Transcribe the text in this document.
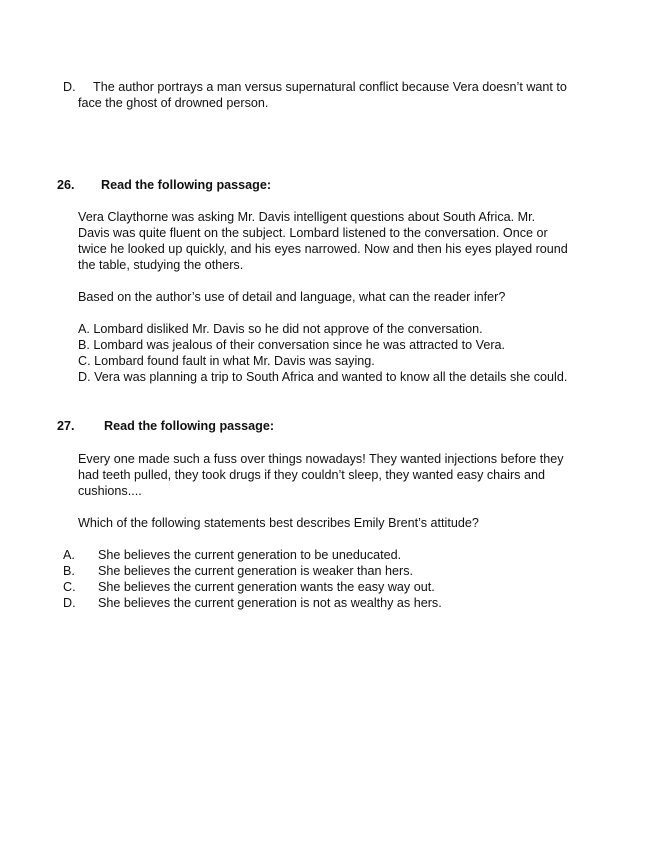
D. The author portrays a man versus supernatural conflict because Vera doesn’t want to
face the ghost of drowned person.
26. Read the following passage:
Vera Claythorne was asking Mr. Davis intelligent questions about South Africa. Mr.
Davis was quite fluent on the subject. Lombard listened to the conversation. Once or
twice he looked up quickly, and his eyes narrowed. Now and then his eyes played round
the table, studying the others.
Based on the author’s use of detail and language, what can the reader infer?
A. Lombard disliked Mr. Davis so he did not approve of the conversation.
B. Lombard was jealous of their conversation since he was attracted to Vera.
C. Lombard found fault in what Mr. Davis was saying.
D. Vera was planning a trip to South Africa and wanted to know all the details she could.
27. Read the following passage:
Every one made such a fuss over things nowadays! They wanted injections before they
had teeth pulled, they took drugs if they couldn’t sleep, they wanted easy chairs and
cushions....
Which of the following statements best describes Emily Brent’s attitude?
A. She believes the current generation to be uneducated.
B. She believes the current generation is weaker than hers.
C. She believes the current generation wants the easy way out.
D. She believes the current generation is not as wealthy as hers.
